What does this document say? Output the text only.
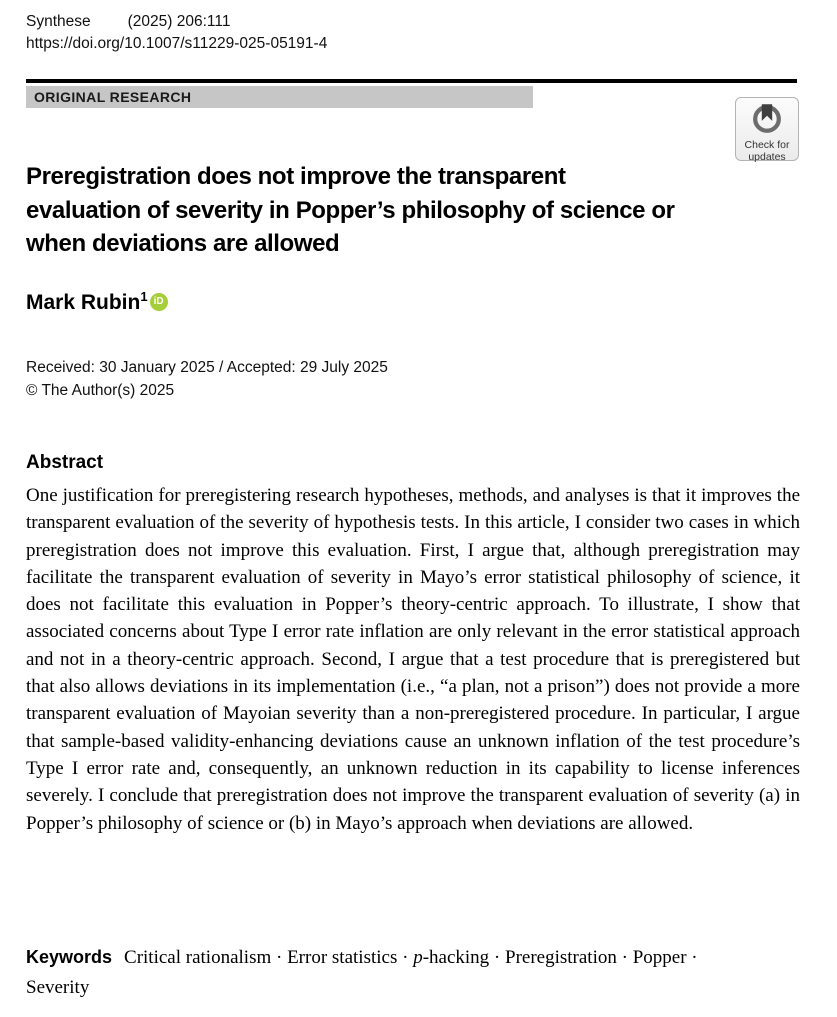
Synthese (2025) 206:111
https://doi.org/10.1007/s11229-025-05191-4
ORIGINAL RESEARCH
Check for
updates
Preregistration does not improve the transparent
evaluation of severity in Popper’s philosophy of science or
when deviations are allowed
Mark Rubin$^1$ iD
Received: 30 January 2025 / Accepted: 29 July 2025
© The Author(s) 2025
Abstract

One justification for preregistering research hypotheses, methods, and analyses is that it improves the transparent evaluation of the severity of hypothesis tests. In this article, I consider two cases in which preregistration does not improve this evaluation. First, I argue that, although preregistration may facilitate the transparent evaluation of severity in Mayo’s error statistical philosophy of science, it does not facilitate this evaluation in Popper’s theory-centric approach. To illustrate, I show that associated concerns about Type I error rate inflation are only relevant in the error statistical approach and not in a theory-centric approach. Second, I argue that a test procedure that is preregistered but that also allows deviations in its implementation (i.e., “a plan, not a prison”) does not provide a more transparent evaluation of Mayoian severity than a non-preregistered procedure. In particular, I argue that sample-based validity-enhancing deviations cause an unknown inflation of the test procedure’s Type I error rate and, consequently, an unknown reduction in its capability to license inferences severely. I conclude that preregistration does not improve the transparent evaluation of severity (a) in Popper’s philosophy of science or (b) in Mayo’s approach when deviations are allowed.

Keywords Critical rationalism · Error statistics · p-hacking · Preregistration · Popper · Severity
